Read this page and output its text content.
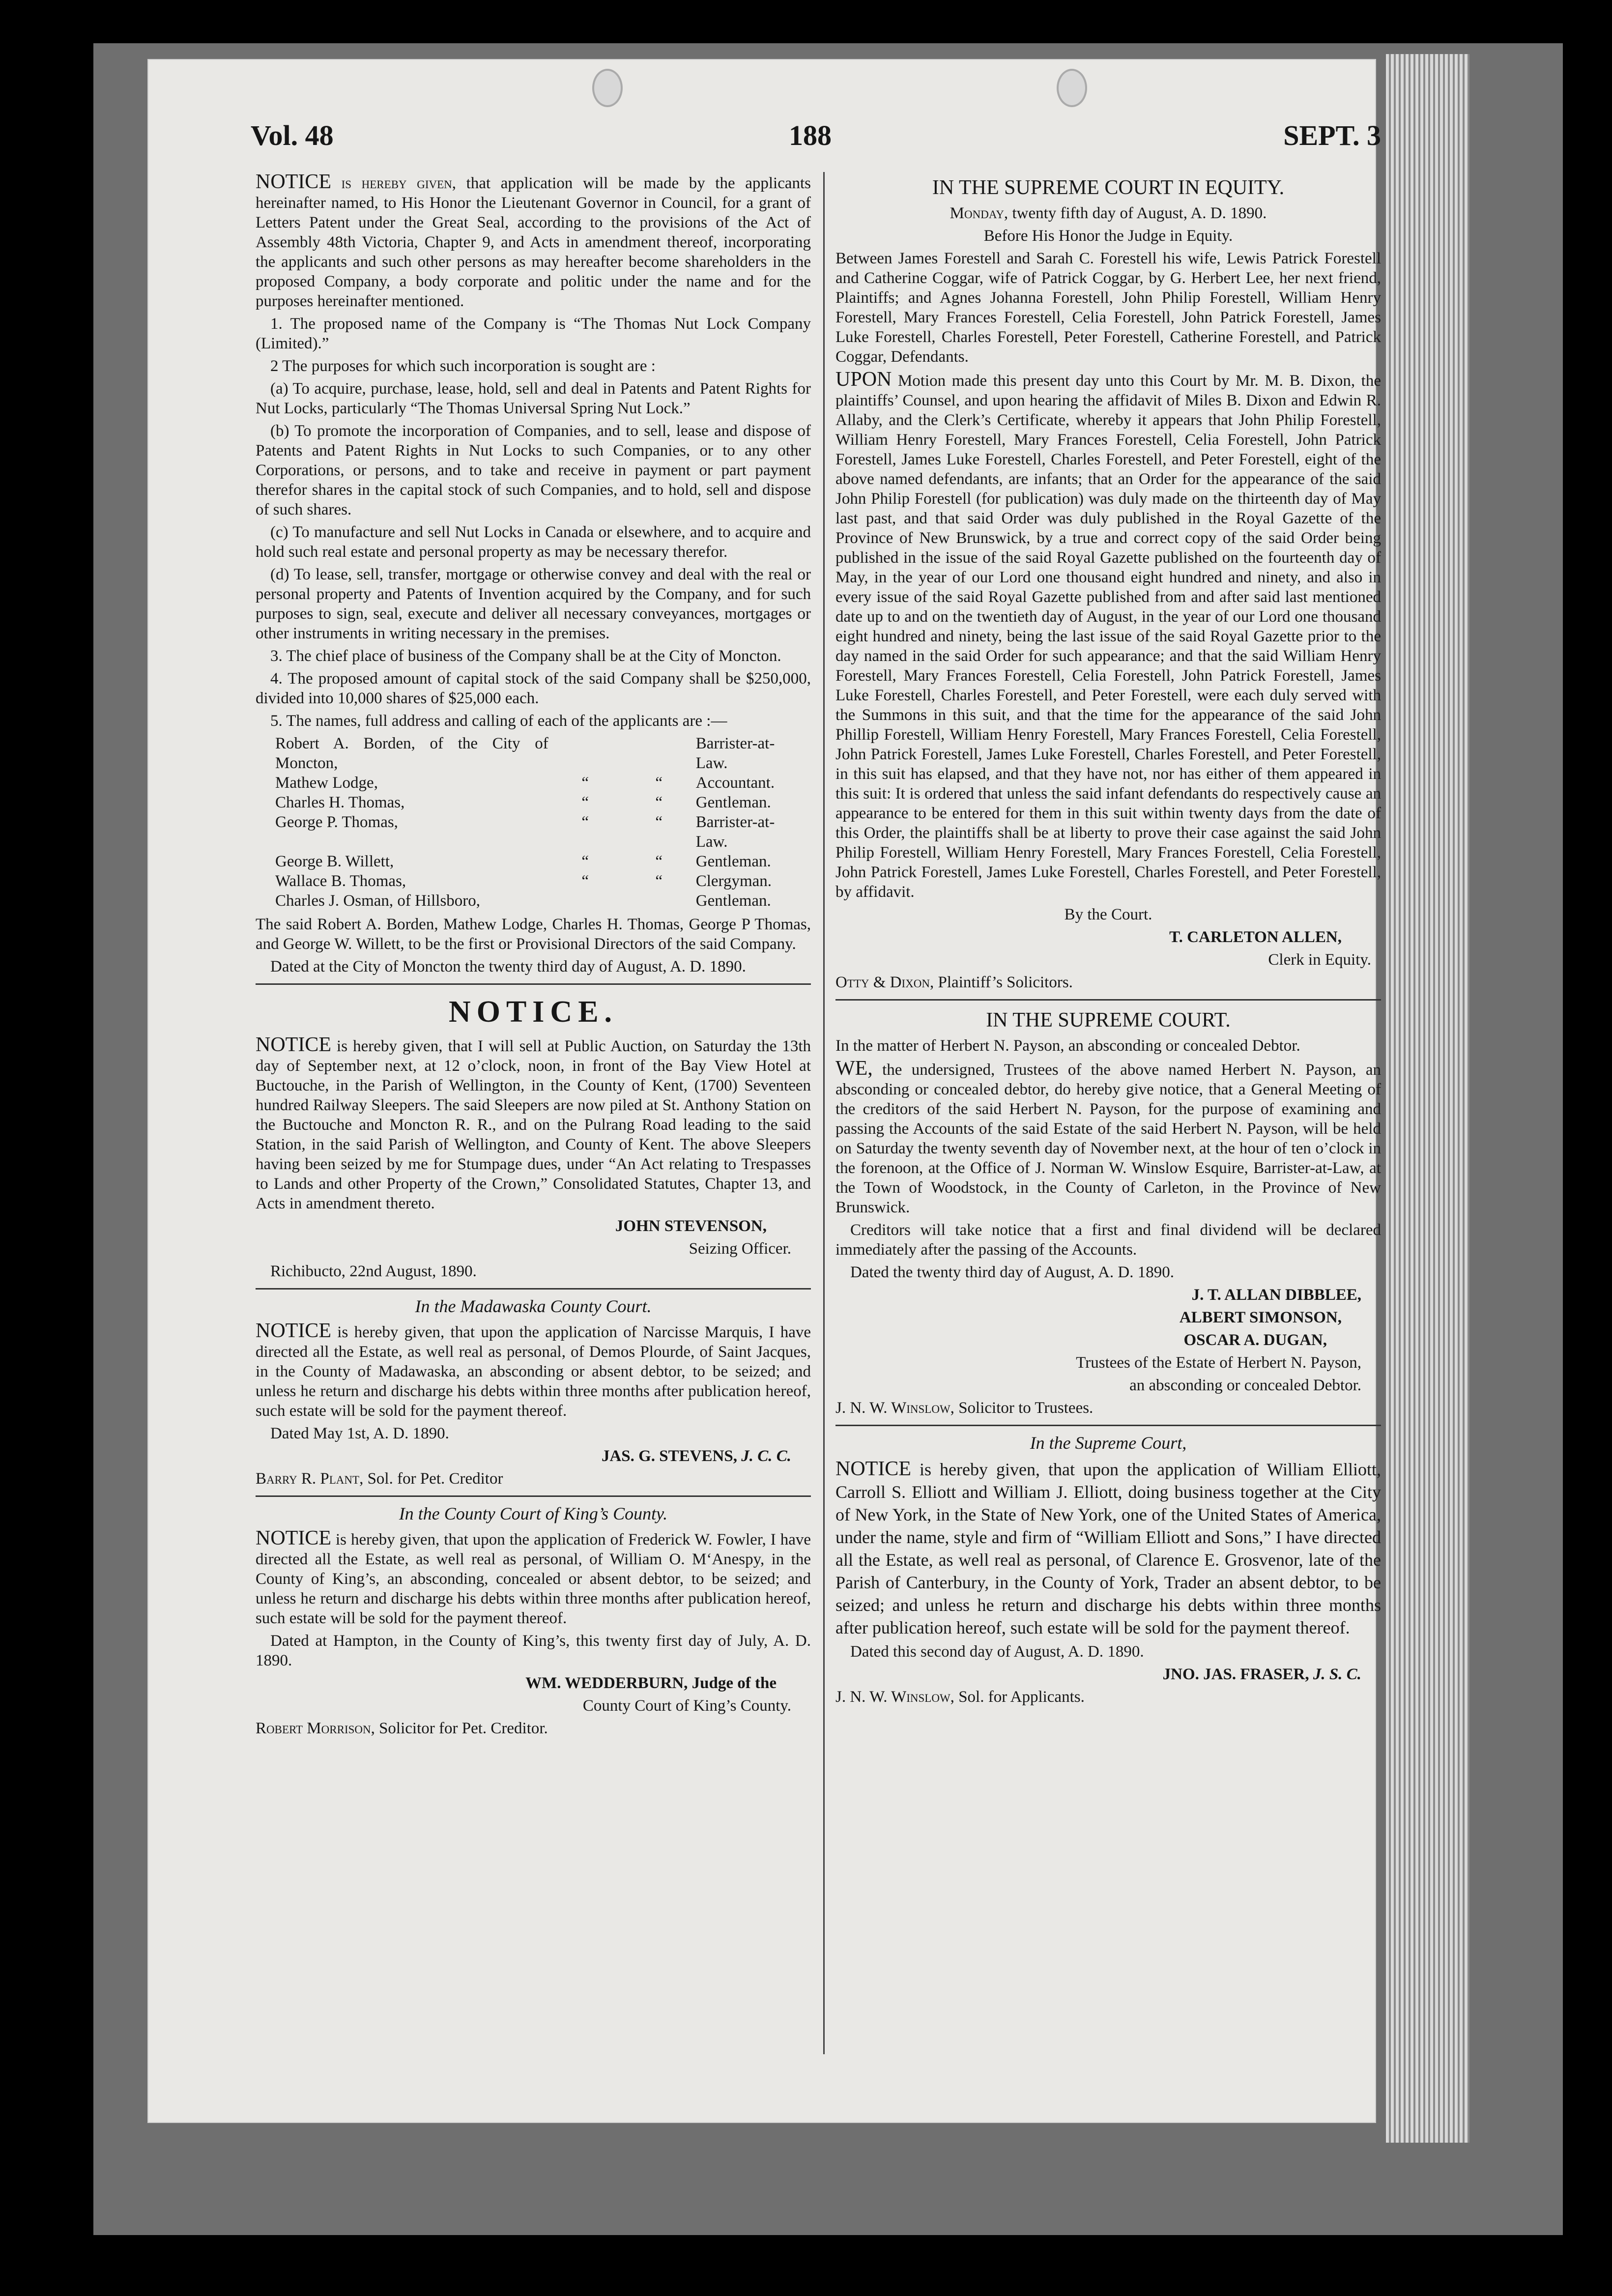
Vol. 48	188	SEPT. 3

NOTICE is hereby given, that application will be made by the applicants hereinafter named, to His Honor the Lieutenant Governor in Council, for a grant of Letters Patent under the Great Seal, according to the provisions of the Act of Assembly 48th Victoria, Chapter 9, and Acts in amendment thereof, incorporating the applicants and such other persons as may hereafter become shareholders in the proposed Company, a body corporate and politic under the name and for the purposes hereinafter mentioned.

1. The proposed name of the Company is “The Thomas Nut Lock Company (Limited).”

2 The purposes for which such incorporation is sought are :

(a) To acquire, purchase, lease, hold, sell and deal in Patents and Patent Rights for Nut Locks, particularly “The Thomas Universal Spring Nut Lock.”

(b) To promote the incorporation of Companies, and to sell, lease and dispose of Patents and Patent Rights in Nut Locks to such Companies, or to any other Corporations, or persons, and to take and receive in payment or part payment therefor shares in the capital stock of such Companies, and to hold, sell and dispose of such shares.

(c) To manufacture and sell Nut Locks in Canada or elsewhere, and to acquire and hold such real estate and personal property as may be necessary therefor.

(d) To lease, sell, transfer, mortgage or otherwise convey and deal with the real or personal property and Patents of Invention acquired by the Company, and for such purposes to sign, seal, execute and deliver all necessary conveyances, mortgages or other instruments in writing necessary in the premises.

3. The chief place of business of the Company shall be at the City of Moncton.

4. The proposed amount of capital stock of the said Company shall be $250,000, divided into 10,000 shares of $25,000 each.

5. The names, full address and calling of each of the applicants are :—

Robert A. Borden, of the City of Moncton,			Barrister-at-Law.
Mathew Lodge,	“	“	Accountant.
Charles H. Thomas,	“	“	Gentleman.
George P. Thomas,	“	“	Barrister-at-Law.
George B. Willett,	“	“	Gentleman.
Wallace B. Thomas,	“	“	Clergyman.
Charles J. Osman, of Hillsboro,			Gentleman.

The said Robert A. Borden, Mathew Lodge, Charles H. Thomas, George P Thomas, and George W. Willett, to be the first or Provisional Directors of the said Company.

Dated at the City of Moncton the twenty third day of August, A. D. 1890.

NOTICE.

NOTICE is hereby given, that I will sell at Public Auction, on Saturday the 13th day of September next, at 12 o’clock, noon, in front of the Bay View Hotel at Buctouche, in the Parish of Wellington, in the County of Kent, (1700) Seventeen hundred Railway Sleepers. The said Sleepers are now piled at St. Anthony Station on the Buctouche and Moncton R. R., and on the Pulrang Road leading to the said Station, in the said Parish of Wellington, and County of Kent. The above Sleepers having been seized by me for Stumpage dues, under “An Act relating to Trespasses to Lands and other Property of the Crown,” Consolidated Statutes, Chapter 13, and Acts in amendment thereto.

JOHN STEVENSON,

Seizing Officer.

Richibucto, 22nd August, 1890.

In the Madawaska County Court.

NOTICE is hereby given, that upon the application of Narcisse Marquis, I have directed all the Estate, as well real as personal, of Demos Plourde, of Saint Jacques, in the County of Madawaska, an absconding or absent debtor, to be seized; and unless he return and discharge his debts within three months after publication hereof, such estate will be sold for the payment thereof.

Dated May 1st, A. D. 1890.

JAS. G. STEVENS, J. C. C.

Barry R. Plant, Sol. for Pet. Creditor

In the County Court of King’s County.

NOTICE is hereby given, that upon the application of Frederick W. Fowler, I have directed all the Estate, as well real as personal, of William O. M‘Anespy, in the County of King’s, an absconding, concealed or absent debtor, to be seized; and unless he return and discharge his debts within three months after publication hereof, such estate will be sold for the payment thereof.

Dated at Hampton, in the County of King’s, this twenty first day of July, A. D. 1890.

WM. WEDDERBURN, Judge of the

County Court of King’s County.

Robert Morrison, Solicitor for Pet. Creditor.

IN THE SUPREME COURT IN EQUITY.

Monday, twenty fifth day of August, A. D. 1890.

Before His Honor the Judge in Equity.

Between James Forestell and Sarah C. Forestell his wife, Lewis Patrick Forestell and Catherine Coggar, wife of Patrick Coggar, by G. Herbert Lee, her next friend, Plaintiffs; and Agnes Johanna Forestell, John Philip Forestell, William Henry Forestell, Mary Frances Forestell, Celia Forestell, John Patrick Forestell, James Luke Forestell, Charles Forestell, Peter Forestell, Catherine Forestell, and Patrick Coggar, Defendants.

UPON Motion made this present day unto this Court by Mr. M. B. Dixon, the plaintiffs’ Counsel, and upon hearing the affidavit of Miles B. Dixon and Edwin R. Allaby, and the Clerk’s Certificate, whereby it appears that John Philip Forestell, William Henry Forestell, Mary Frances Forestell, Celia Forestell, John Patrick Forestell, James Luke Forestell, Charles Forestell, and Peter Forestell, eight of the above named defendants, are infants; that an Order for the appearance of the said John Philip Forestell (for publication) was duly made on the thirteenth day of May last past, and that said Order was duly published in the Royal Gazette of the Province of New Brunswick, by a true and correct copy of the said Order being published in the issue of the said Royal Gazette published on the fourteenth day of May, in the year of our Lord one thousand eight hundred and ninety, and also in every issue of the said Royal Gazette published from and after said last mentioned date up to and on the twentieth day of August, in the year of our Lord one thousand eight hundred and ninety, being the last issue of the said Royal Gazette prior to the day named in the said Order for such appearance; and that the said William Henry Forestell, Mary Frances Forestell, Celia Forestell, John Patrick Forestell, James Luke Forestell, Charles Forestell, and Peter Forestell, were each duly served with the Summons in this suit, and that the time for the appearance of the said John Phillip Forestell, William Henry Forestell, Mary Frances Forestell, Celia Forestell, John Patrick Forestell, James Luke Forestell, Charles Forestell, and Peter Forestell, in this suit has elapsed, and that they have not, nor has either of them appeared in this suit: It is ordered that unless the said infant defendants do respectively cause an appearance to be entered for them in this suit within twenty days from the date of this Order, the plaintiffs shall be at liberty to prove their case against the said John Philip Forestell, William Henry Forestell, Mary Frances Forestell, Celia Forestell, John Patrick Forestell, James Luke Forestell, Charles Forestell, and Peter Forestell, by affidavit.

By the Court.

T. CARLETON ALLEN,

Clerk in Equity.

Otty & Dixon, Plaintiff’s Solicitors.

IN THE SUPREME COURT.

In the matter of Herbert N. Payson, an absconding or concealed Debtor.

WE, the undersigned, Trustees of the above named Herbert N. Payson, an absconding or concealed debtor, do hereby give notice, that a General Meeting of the creditors of the said Herbert N. Payson, for the purpose of examining and passing the Accounts of the said Estate of the said Herbert N. Payson, will be held on Saturday the twenty seventh day of November next, at the hour of ten o’clock in the forenoon, at the Office of J. Norman W. Winslow Esquire, Barrister-at-Law, at the Town of Woodstock, in the County of Carleton, in the Province of New Brunswick.

Creditors will take notice that a first and final dividend will be declared immediately after the passing of the Accounts.

Dated the twenty third day of August, A. D. 1890.

J. T. ALLAN DIBBLEE,

ALBERT SIMONSON,

OSCAR A. DUGAN,

Trustees of the Estate of Herbert N. Payson,

an absconding or concealed Debtor.

J. N. W. Winslow, Solicitor to Trustees.

In the Supreme Court,

NOTICE is hereby given, that upon the application of William Elliott, Carroll S. Elliott and William J. Elliott, doing business together at the City of New York, in the State of New York, one of the United States of America, under the name, style and firm of “William Elliott and Sons,” I have directed all the Estate, as well real as personal, of Clarence E. Grosvenor, late of the Parish of Canterbury, in the County of York, Trader an absent debtor, to be seized; and unless he return and discharge his debts within three months after publication hereof, such estate will be sold for the payment thereof.

Dated this second day of August, A. D. 1890.

JNO. JAS. FRASER, J. S. C.

J. N. W. Winslow, Sol. for Applicants.
